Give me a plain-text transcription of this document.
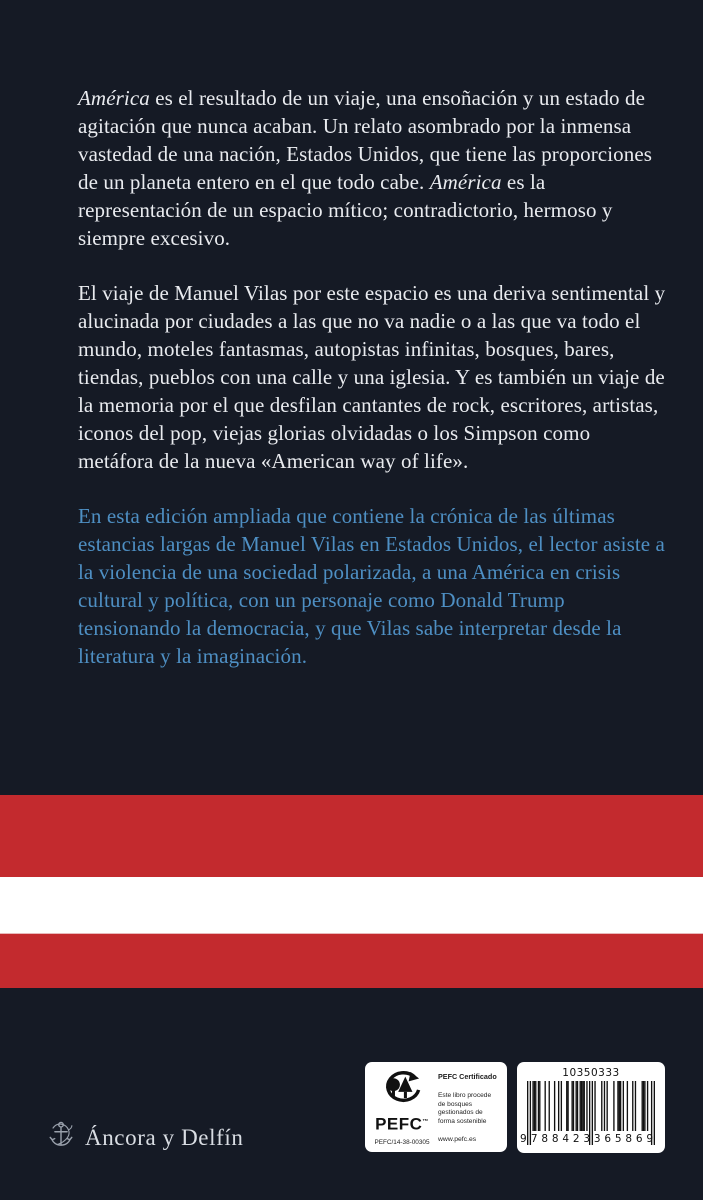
América es el resultado de un viaje, una ensoñación y un estado de agitación que nunca acaban. Un relato asombrado por la inmensa vastedad de una nación, Estados Unidos, que tiene las proporciones de un planeta entero en el que todo cabe. América es la representación de un espacio mítico; contradictorio, hermoso y siempre excesivo.

El viaje de Manuel Vilas por este espacio es una deriva sentimental y alucinada por ciudades a las que no va nadie o a las que va todo el mundo, moteles fantasmas, autopistas infinitas, bosques, bares, tiendas, pueblos con una calle y una iglesia. Y es también un viaje de la memoria por el que desfilan cantantes de rock, escritores, artistas, iconos del pop, viejas glorias olvidadas o los Simpson como metáfora de la nueva «American way of life».

En esta edición ampliada que contiene la crónica de las últimas estancias largas de Manuel Vilas en Estados Unidos, el lector asiste a la violencia de una sociedad polarizada, a una América en crisis cultural y política, con un personaje como Donald Trump tensionando la democracia, y que Vilas sabe interpretar desde la literatura y la imaginación.

Áncora y Delfín
PEFC™
PEFC/14-38-00305
PEFC Certificado
Este libro procede de bosques gestionados de forma sostenible
www.pefc.es
10350333
9 7 8 8 4 2 3 3 6 5 8 6 9
